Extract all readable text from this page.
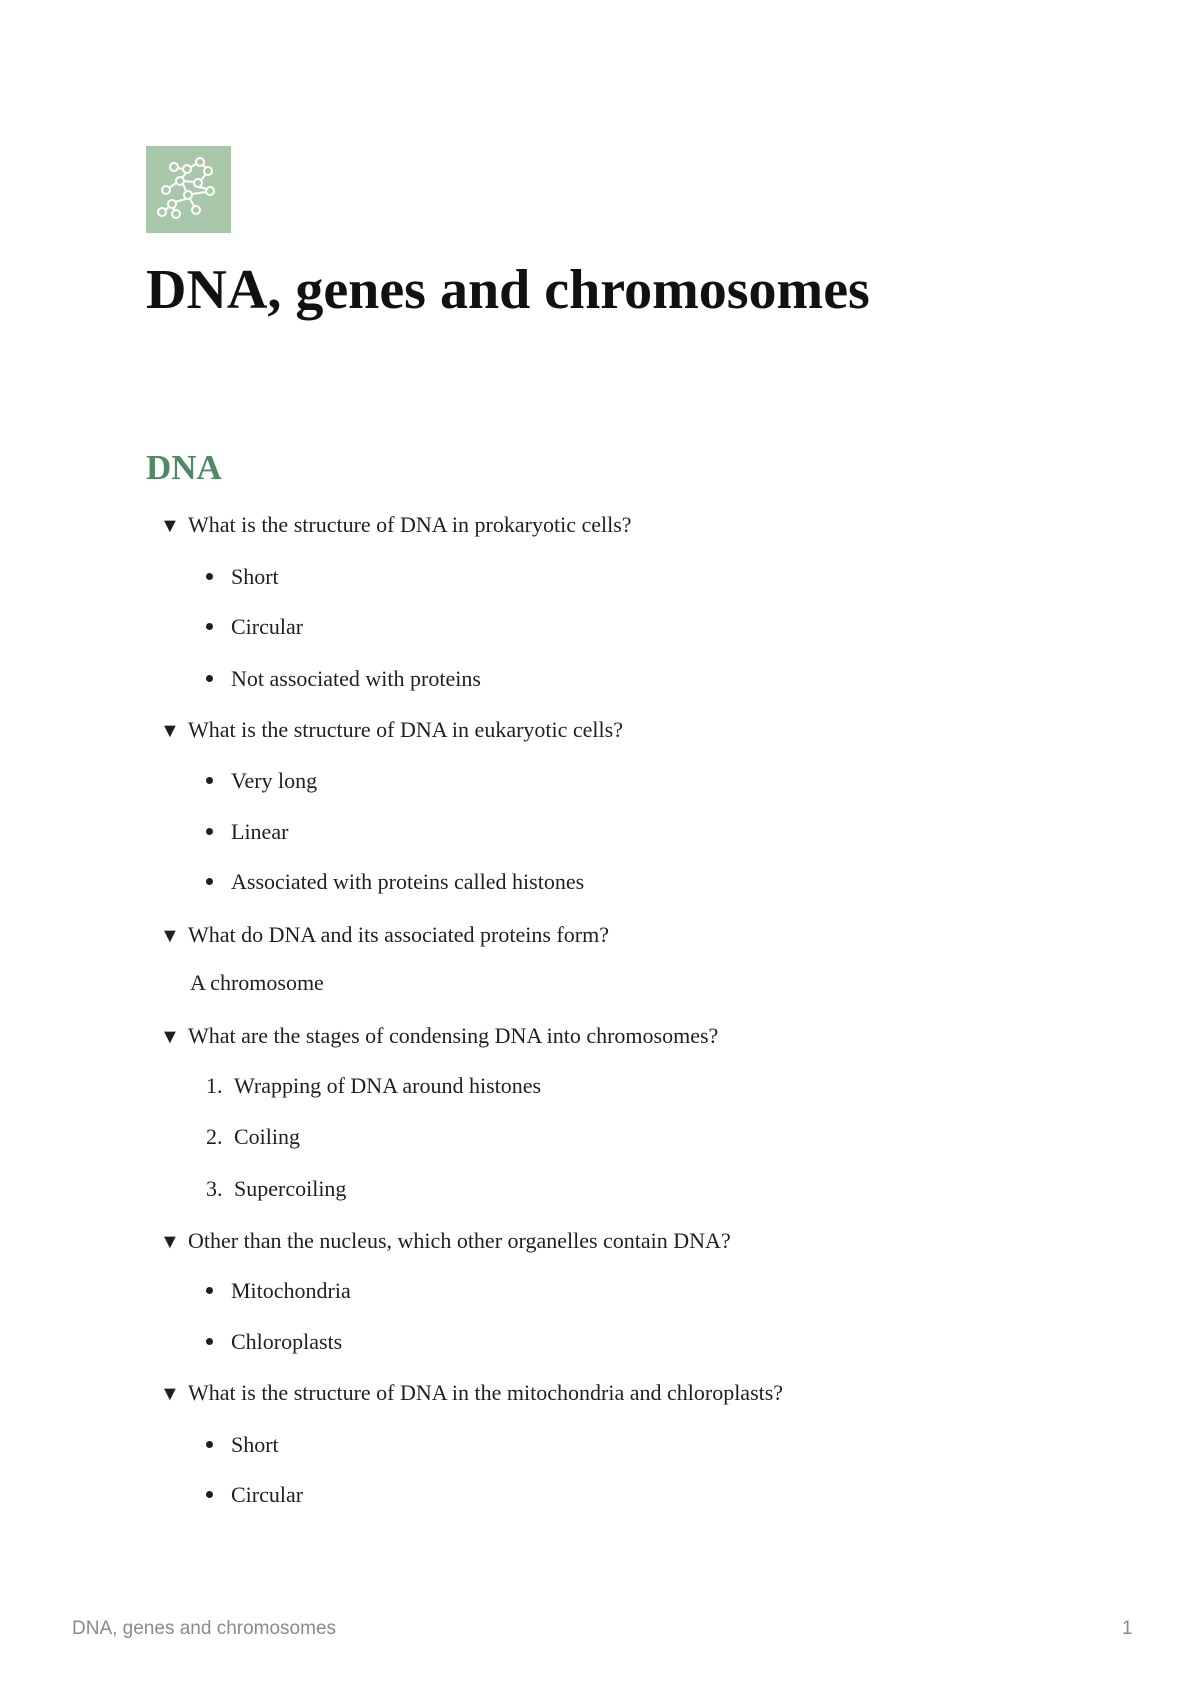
DNA, genes and chromosomes
DNA
▼ What is the structure of DNA in prokaryotic cells?
Short
Circular
Not associated with proteins
▼ What is the structure of DNA in eukaryotic cells?
Very long
Linear
Associated with proteins called histones
▼ What do DNA and its associated proteins form?
A chromosome
▼ What are the stages of condensing DNA into chromosomes?
1. Wrapping of DNA around histones
2. Coiling
3. Supercoiling
▼ Other than the nucleus, which other organelles contain DNA?
Mitochondria
Chloroplasts
▼ What is the structure of DNA in the mitochondria and chloroplasts?
Short
Circular
DNA, genes and chromosomes	1
